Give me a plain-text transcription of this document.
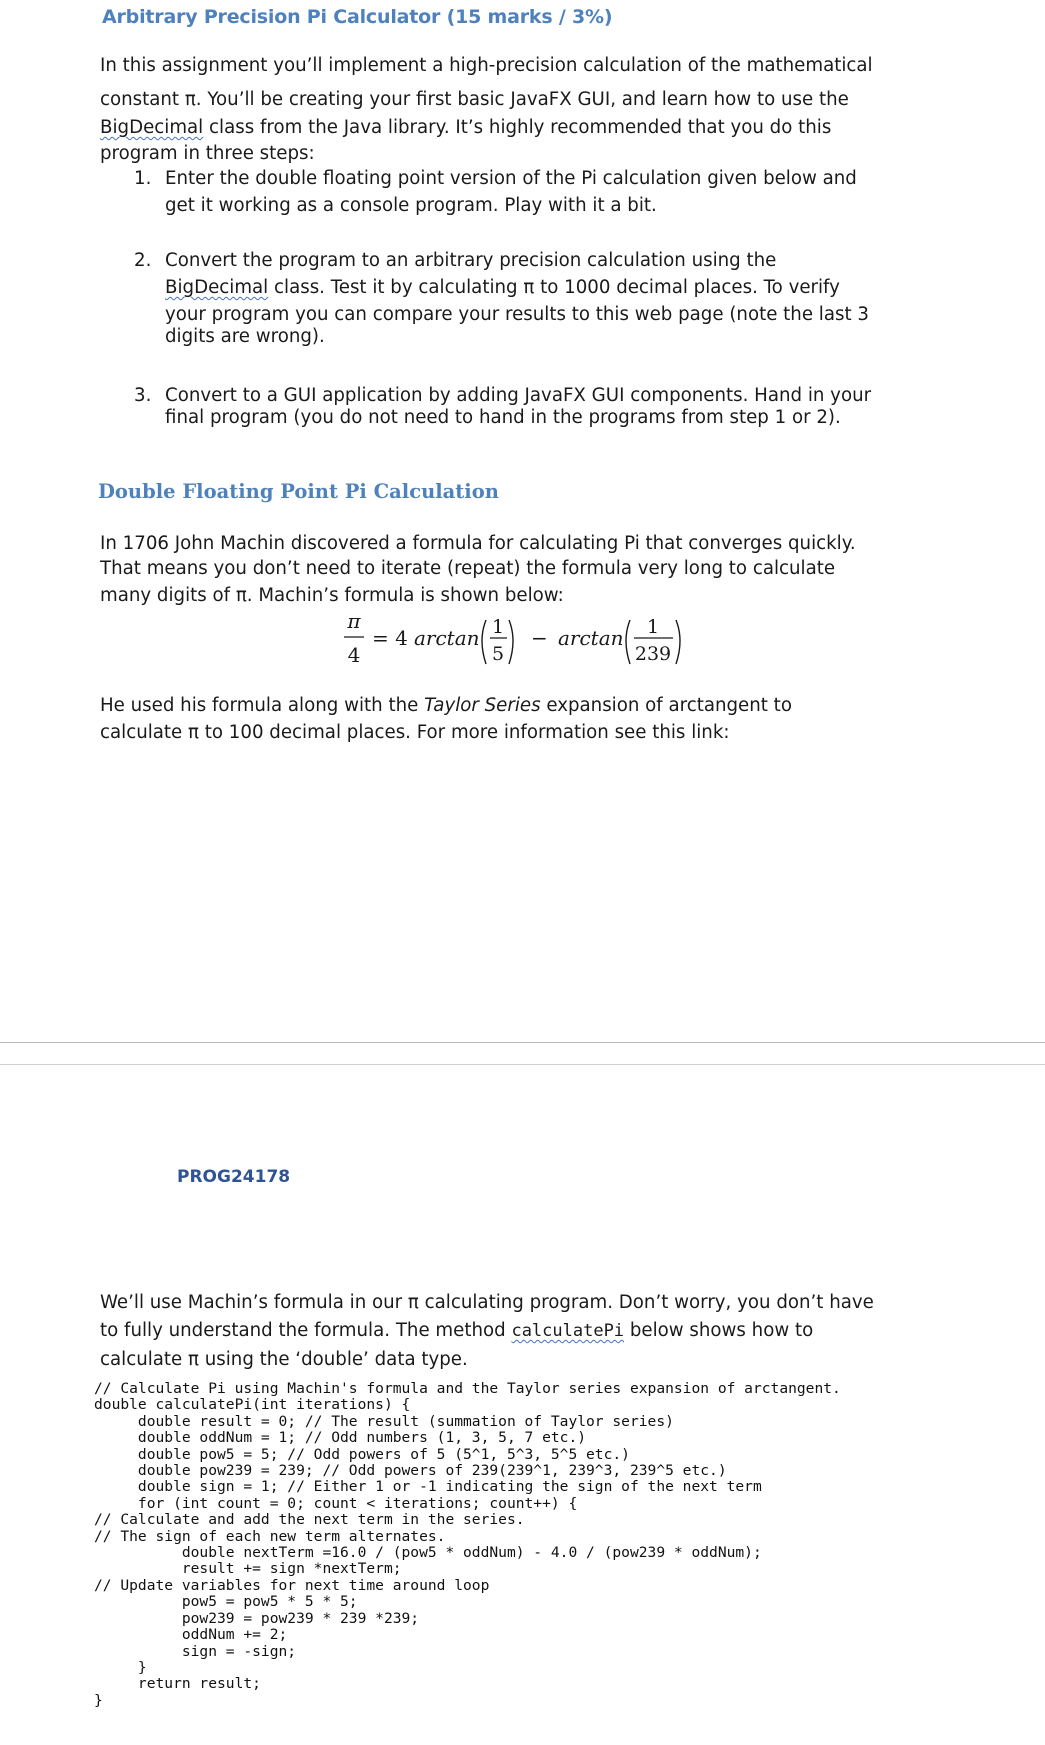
Arbitrary Precision Pi Calculator (15 marks / 3%)
In this assignment you’ll implement a high-precision calculation of the mathematical
constant π. You’ll be creating your first basic JavaFX GUI, and learn how to use the
BigDecimal class from the Java library. It’s highly recommended that you do this
program in three steps:
1. Enter the double floating point version of the Pi calculation given below and
get it working as a console program. Play with it a bit.
2. Convert the program to an arbitrary precision calculation using the
BigDecimal class. Test it by calculating π to 1000 decimal places. To verify
your program you can compare your results to this web page (note the last 3
digits are wrong).
3. Convert to a GUI application by adding JavaFX GUI components. Hand in your
final program (you do not need to hand in the programs from step 1 or 2).
Double Floating Point Pi Calculation
In 1706 John Machin discovered a formula for calculating Pi that converges quickly.
That means you don’t need to iterate (repeat) the formula very long to calculate
many digits of π. Machin’s formula is shown below:
π
4
= 4 arctan 1
5
− arctan 1
239
He used his formula along with the Taylor Series expansion of arctangent to
calculate π to 100 decimal places. For more information see this link:
PROG24178
We’ll use Machin’s formula in our π calculating program. Don’t worry, you don’t have
to fully understand the formula. The method calculatePi below shows how to
calculate π using the ‘double’ data type.
// Calculate Pi using Machin's formula and the Taylor series expansion of arctangent.
double calculatePi(int iterations) {
double result = 0; // The result (summation of Taylor series)
double oddNum = 1; // Odd numbers (1, 3, 5, 7 etc.)
double pow5 = 5; // Odd powers of 5 (5^1, 5^3, 5^5 etc.)
double pow239 = 239; // Odd powers of 239(239^1, 239^3, 239^5 etc.)
double sign = 1; // Either 1 or -1 indicating the sign of the next term
for (int count = 0; count < iterations; count++) {
// Calculate and add the next term in the series.
// The sign of each new term alternates.
double nextTerm =16.0 / (pow5 * oddNum) - 4.0 / (pow239 * oddNum);
result += sign *nextTerm;
// Update variables for next time around loop
pow5 = pow5 * 5 * 5;
pow239 = pow239 * 239 *239;
oddNum += 2;
sign = -sign;
}
return result;
}
